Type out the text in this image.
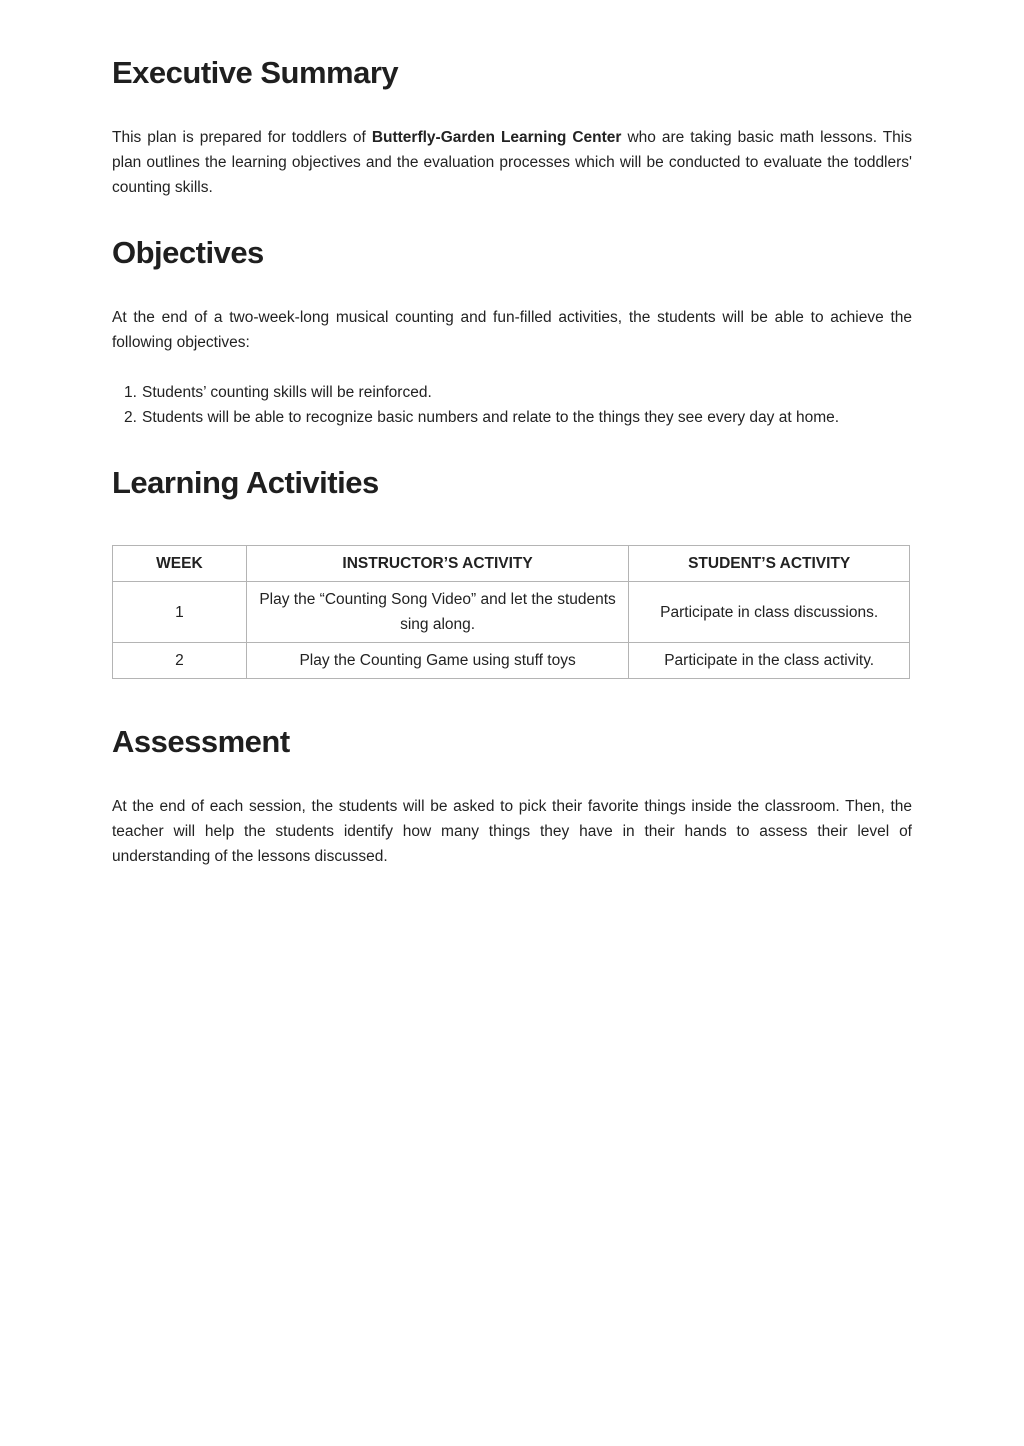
Executive Summary

This plan is prepared for toddlers of Butterfly-Garden Learning Center who are taking basic math lessons. This plan outlines the learning objectives and the evaluation processes which will be conducted to evaluate the toddlers' counting skills.

Objectives

At the end of a two-week-long musical counting and fun-filled activities, the students will be able to achieve the following objectives:

1. Students’ counting skills will be reinforced.
2. Students will be able to recognize basic numbers and relate to the things they see every day at home.
Learning Activities
WEEK	INSTRUCTOR’S ACTIVITY	STUDENT’S ACTIVITY
1	Play the “Counting Song Video” and let the students sing along.	Participate in class discussions.
2	Play the Counting Game using stuff toys	Participate in the class activity.
Assessment

At the end of each session, the students will be asked to pick their favorite things inside the classroom. Then, the teacher will help the students identify how many things they have in their hands to assess their level of understanding of the lessons discussed.
